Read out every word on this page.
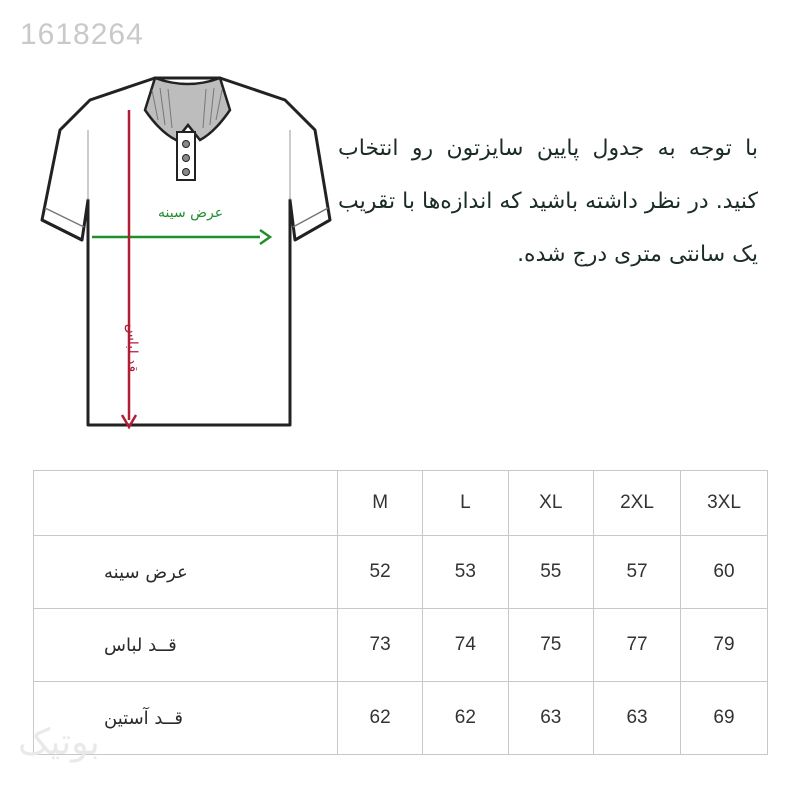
1618264
عرض سینه
قد لباس
با توجه به جدول پایین سایزتون رو انتخاب کنید. در نظر داشته باشید که اندازه‌ها با تقریب یک سانتی متری درج شده.
	M	L	XL	2XL	3XL
عرض سینه	52	53	55	57	60
قــد لباس	73	74	75	77	79
قــد آستین	62	62	63	63	69
بوتیک
